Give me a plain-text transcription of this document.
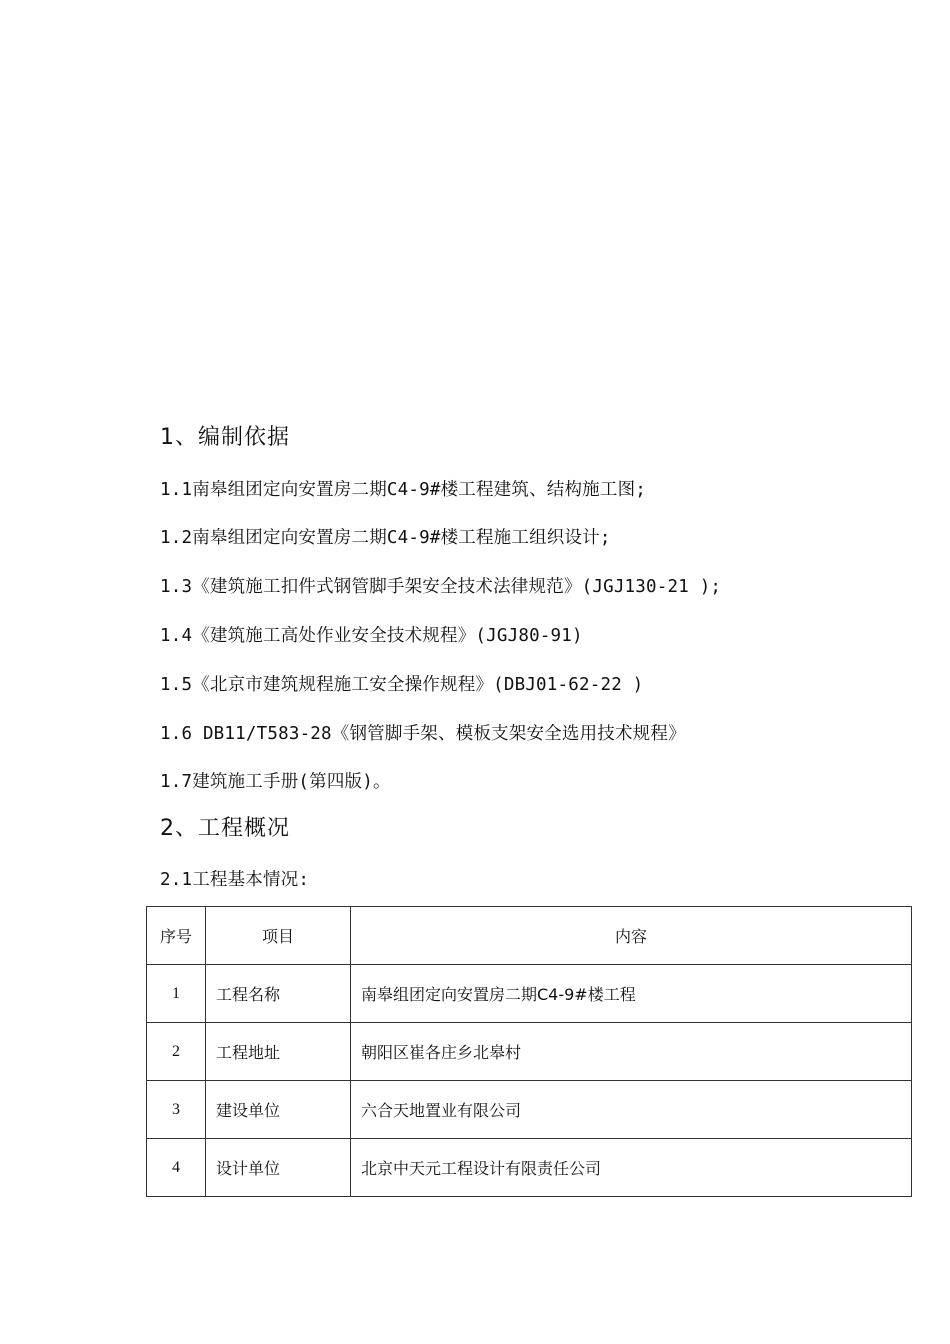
1、编制依据
1.1南皋组团定向安置房二期C4-9#楼工程建筑、结构施工图;
1.2南皋组团定向安置房二期C4-9#楼工程施工组织设计;
1.3《建筑施工扣件式钢管脚手架安全技术法律规范》(JGJ130-21 );
1.4《建筑施工高处作业安全技术规程》(JGJ80-91)
1.5《北京市建筑规程施工安全操作规程》(DBJ01-62-22 )
1.6 DB11/T583-28《钢管脚手架、模板支架安全选用技术规程》
1.7建筑施工手册(第四版)。
2、工程概况
2.1工程基本情况:
序号	项目	内容
1	工程名称	南皋组团定向安置房二期C4-9#楼工程
2	工程地址	朝阳区崔各庄乡北皋村
3	建设单位	六合天地置业有限公司
4	设计单位	北京中天元工程设计有限责任公司
